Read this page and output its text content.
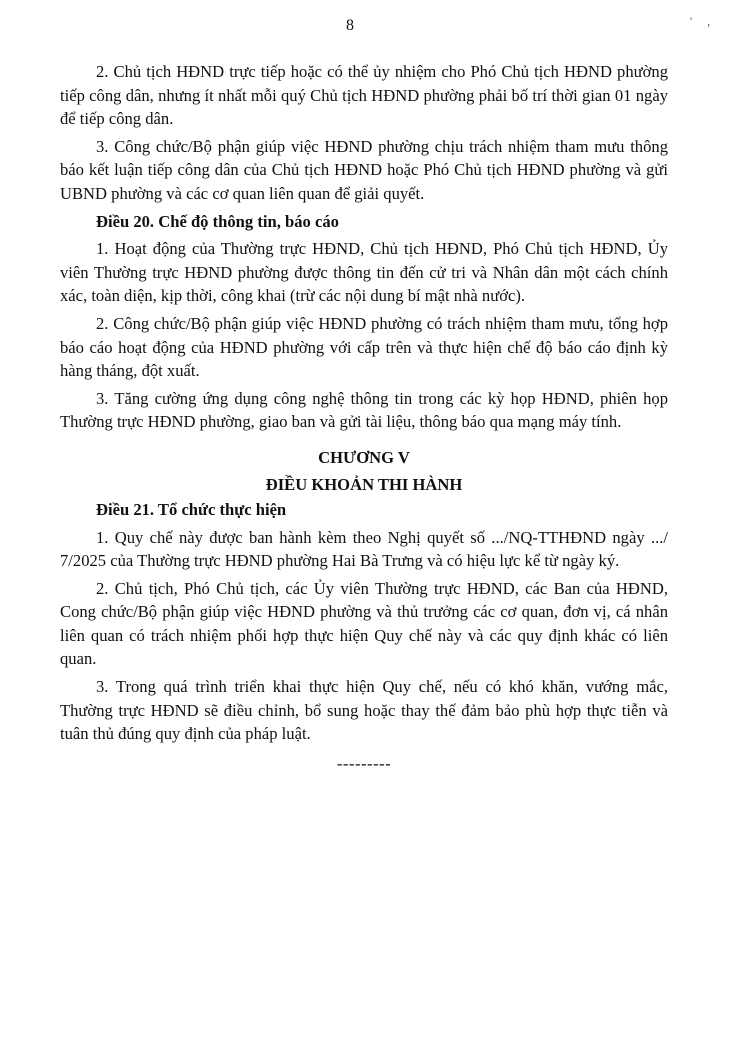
8	' ,

2. Chủ tịch HĐND trực tiếp hoặc có thể ủy nhiệm cho Phó Chủ tịch HĐND phường tiếp công dân, nhưng ít nhất mỗi quý Chủ tịch HĐND phường phải bố trí thời gian 01 ngày để tiếp công dân.

3. Công chức/Bộ phận giúp việc HĐND phường chịu trách nhiệm tham mưu thông báo kết luận tiếp công dân của Chủ tịch HĐND hoặc Phó Chủ tịch HĐND phường và gửi UBND phường và các cơ quan liên quan để giải quyết.

Điều 20. Chế độ thông tin, báo cáo

1. Hoạt động của Thường trực HĐND, Chủ tịch HĐND, Phó Chủ tịch HĐND, Ủy viên Thường trực HĐND phường được thông tin đến cử tri và Nhân dân một cách chính xác, toàn diện, kịp thời, công khai (trừ các nội dung bí mật nhà nước).

2. Công chức/Bộ phận giúp việc HĐND phường có trách nhiệm tham mưu, tổng hợp báo cáo hoạt động của HĐND phường với cấp trên và thực hiện chế độ báo cáo định kỳ hàng tháng, đột xuất.

3. Tăng cường ứng dụng công nghệ thông tin trong các kỳ họp HĐND, phiên họp Thường trực HĐND phường, giao ban và gửi tài liệu, thông báo qua mạng máy tính.

CHƯƠNG V

ĐIỀU KHOẢN THI HÀNH

Điều 21. Tổ chức thực hiện

1. Quy chế này được ban hành kèm theo Nghị quyết số .../NQ-TTHĐND ngày .../ 7/2025 của Thường trực HĐND phường Hai Bà Trưng và có hiệu lực kể từ ngày ký.

2. Chủ tịch, Phó Chủ tịch, các Ủy viên Thường trực HĐND, các Ban của HĐND, Cong chức/Bộ phận giúp việc HĐND phường và thủ trưởng các cơ quan, đơn vị, cá nhân liên quan có trách nhiệm phối hợp thực hiện Quy chế này và các quy định khác có liên quan.

3. Trong quá trình triển khai thực hiện Quy chế, nếu có khó khăn, vướng mắc, Thường trực HĐND sẽ điều chỉnh, bổ sung hoặc thay thế đảm bảo phù hợp thực tiễn và tuân thủ đúng quy định của pháp luật.

---------
